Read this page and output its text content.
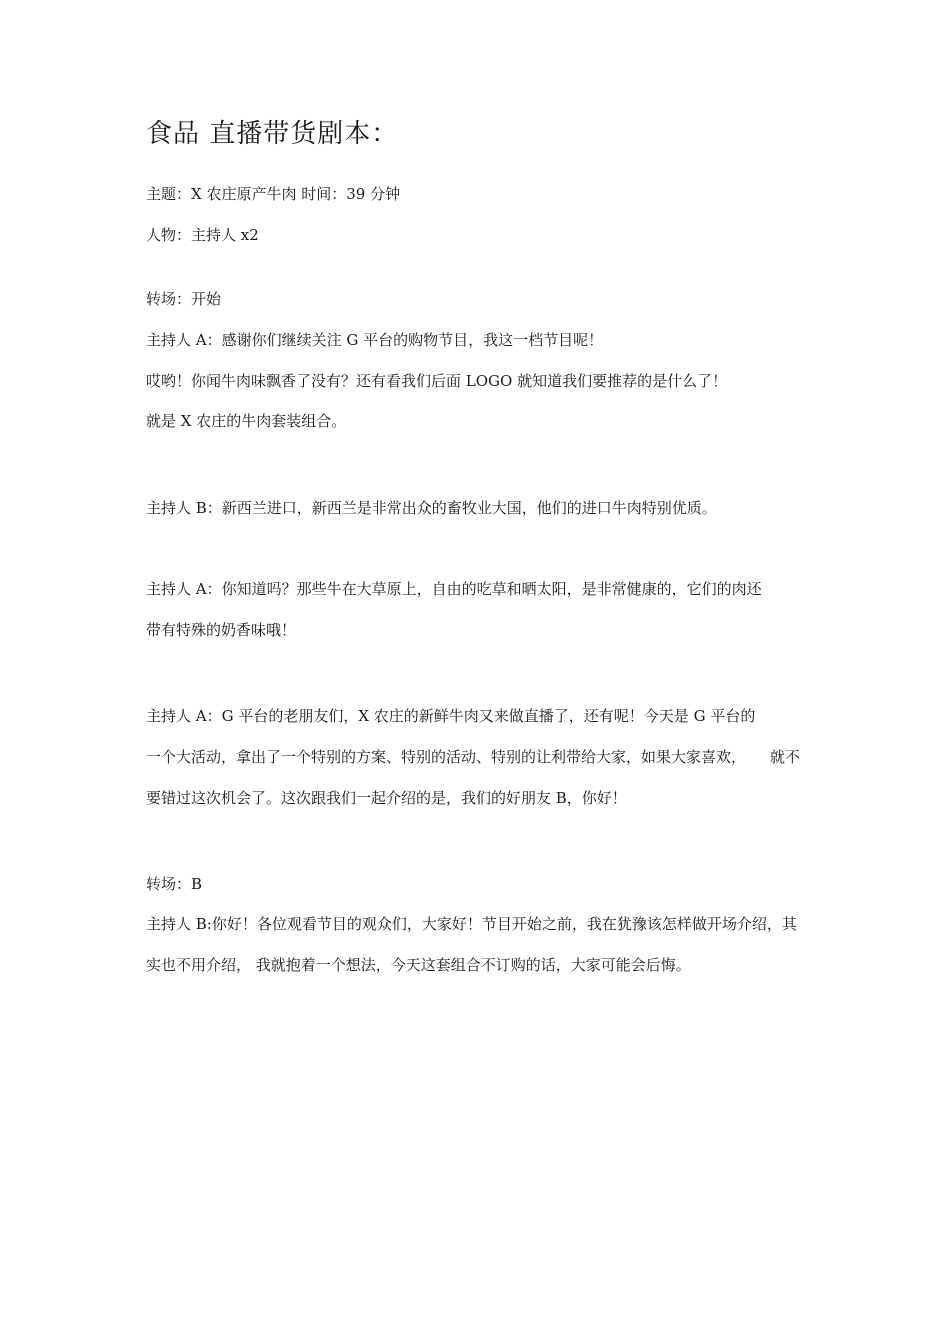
食品 直播带货剧本：

主题：X 农庄原产牛肉 时间：39 分钟

人物：主持人 x2

转场：开始

主持人 A：感谢你们继续关注 G 平台的购物节目，我这一档节目呢！

哎哟！你闻牛肉味飘香了没有？还有看我们后面 LOGO 就知道我们要推荐的是什么了！

就是 X 农庄的牛肉套装组合。

主持人 B：新西兰进口，新西兰是非常出众的畜牧业大国，他们的进口牛肉特别优质。

主持人 A：你知道吗？那些牛在大草原上，自由的吃草和晒太阳，是非常健康的，它们的肉还

带有特殊的奶香味哦！

主持人 A：G 平台的老朋友们，X 农庄的新鲜牛肉又来做直播了，还有呢！今天是 G 平台的

一个大活动，拿出了一个特别的方案、特别的活动、特别的让利带给大家，如果大家喜欢，     就不

要错过这次机会了。这次跟我们一起介绍的是，我们的好朋友 B，你好！

转场：B

主持人 B:你好！各位观看节目的观众们，大家好！节目开始之前，我在犹豫该怎样做开场介绍，其

实也不用介绍， 我就抱着一个想法，今天这套组合不订购的话，大家可能会后悔。
